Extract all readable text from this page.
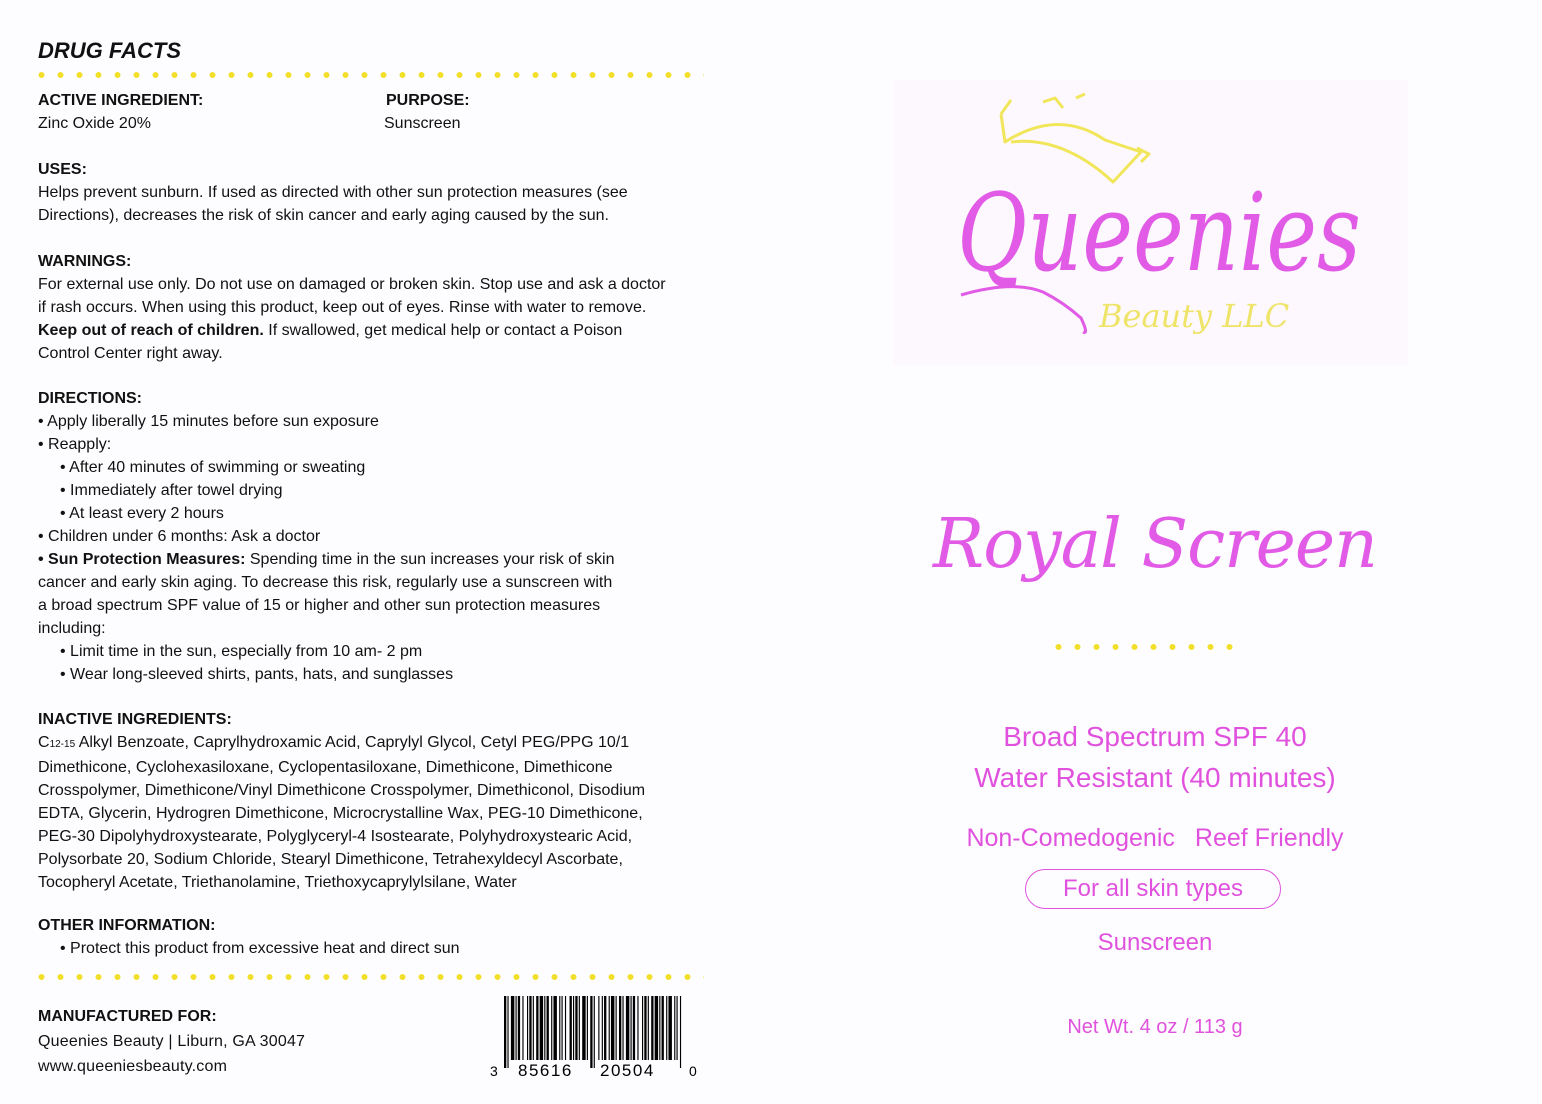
DRUG FACTS
ACTIVE INGREDIENT:
Zinc Oxide 20%
PURPOSE:
Sunscreen
USES:
Helps prevent sunburn. If used as directed with other sun protection measures (see
Directions), decreases the risk of skin cancer and early aging caused by the sun.
WARNINGS:
For external use only. Do not use on damaged or broken skin. Stop use and ask a doctor
if rash occurs. When using this product, keep out of eyes. Rinse with water to remove.
Keep out of reach of children. If swallowed, get medical help or contact a Poison
Control Center right away.
DIRECTIONS:
• Apply liberally 15 minutes before sun exposure
• Reapply:
• After 40 minutes of swimming or sweating
• Immediately after towel drying
• At least every 2 hours
• Children under 6 months: Ask a doctor
• Sun Protection Measures: Spending time in the sun increases your risk of skin
cancer and early skin aging. To decrease this risk, regularly use a sunscreen with
a broad spectrum SPF value of 15 or higher and other sun protection measures
including:
• Limit time in the sun, especially from 10 am- 2 pm
• Wear long-sleeved shirts, pants, hats, and sunglasses
INACTIVE INGREDIENTS:
C12-15 Alkyl Benzoate, Caprylhydroxamic Acid, Caprylyl Glycol, Cetyl PEG/PPG 10/1
Dimethicone, Cyclohexasiloxane, Cyclopentasiloxane, Dimethicone, Dimethicone
Crosspolymer, Dimethicone/Vinyl Dimethicone Crosspolymer, Dimethiconol, Disodium
EDTA, Glycerin, Hydrogren Dimethicone, Microcrystalline Wax, PEG-10 Dimethicone,
PEG-30 Dipolyhydroxystearate, Polyglyceryl-4 Isostearate, Polyhydroxystearic Acid,
Polysorbate 20, Sodium Chloride, Stearyl Dimethicone, Tetrahexyldecyl Ascorbate,
Tocopheryl Acetate, Triethanolamine, Triethoxycaprylylsilane, Water
OTHER INFORMATION:
• Protect this product from excessive heat and direct sun
MANUFACTURED FOR:
Queenies Beauty | Liburn, GA 30047
www.queeniesbeauty.com	3 85616 20504 0
Queenies
Beauty LLC
Royal Screen
Broad Spectrum SPF 40
Water Resistant (40 minutes)
Non-Comedogenic Reef Friendly
For all skin types
Sunscreen
Net Wt. 4 oz / 113 g
